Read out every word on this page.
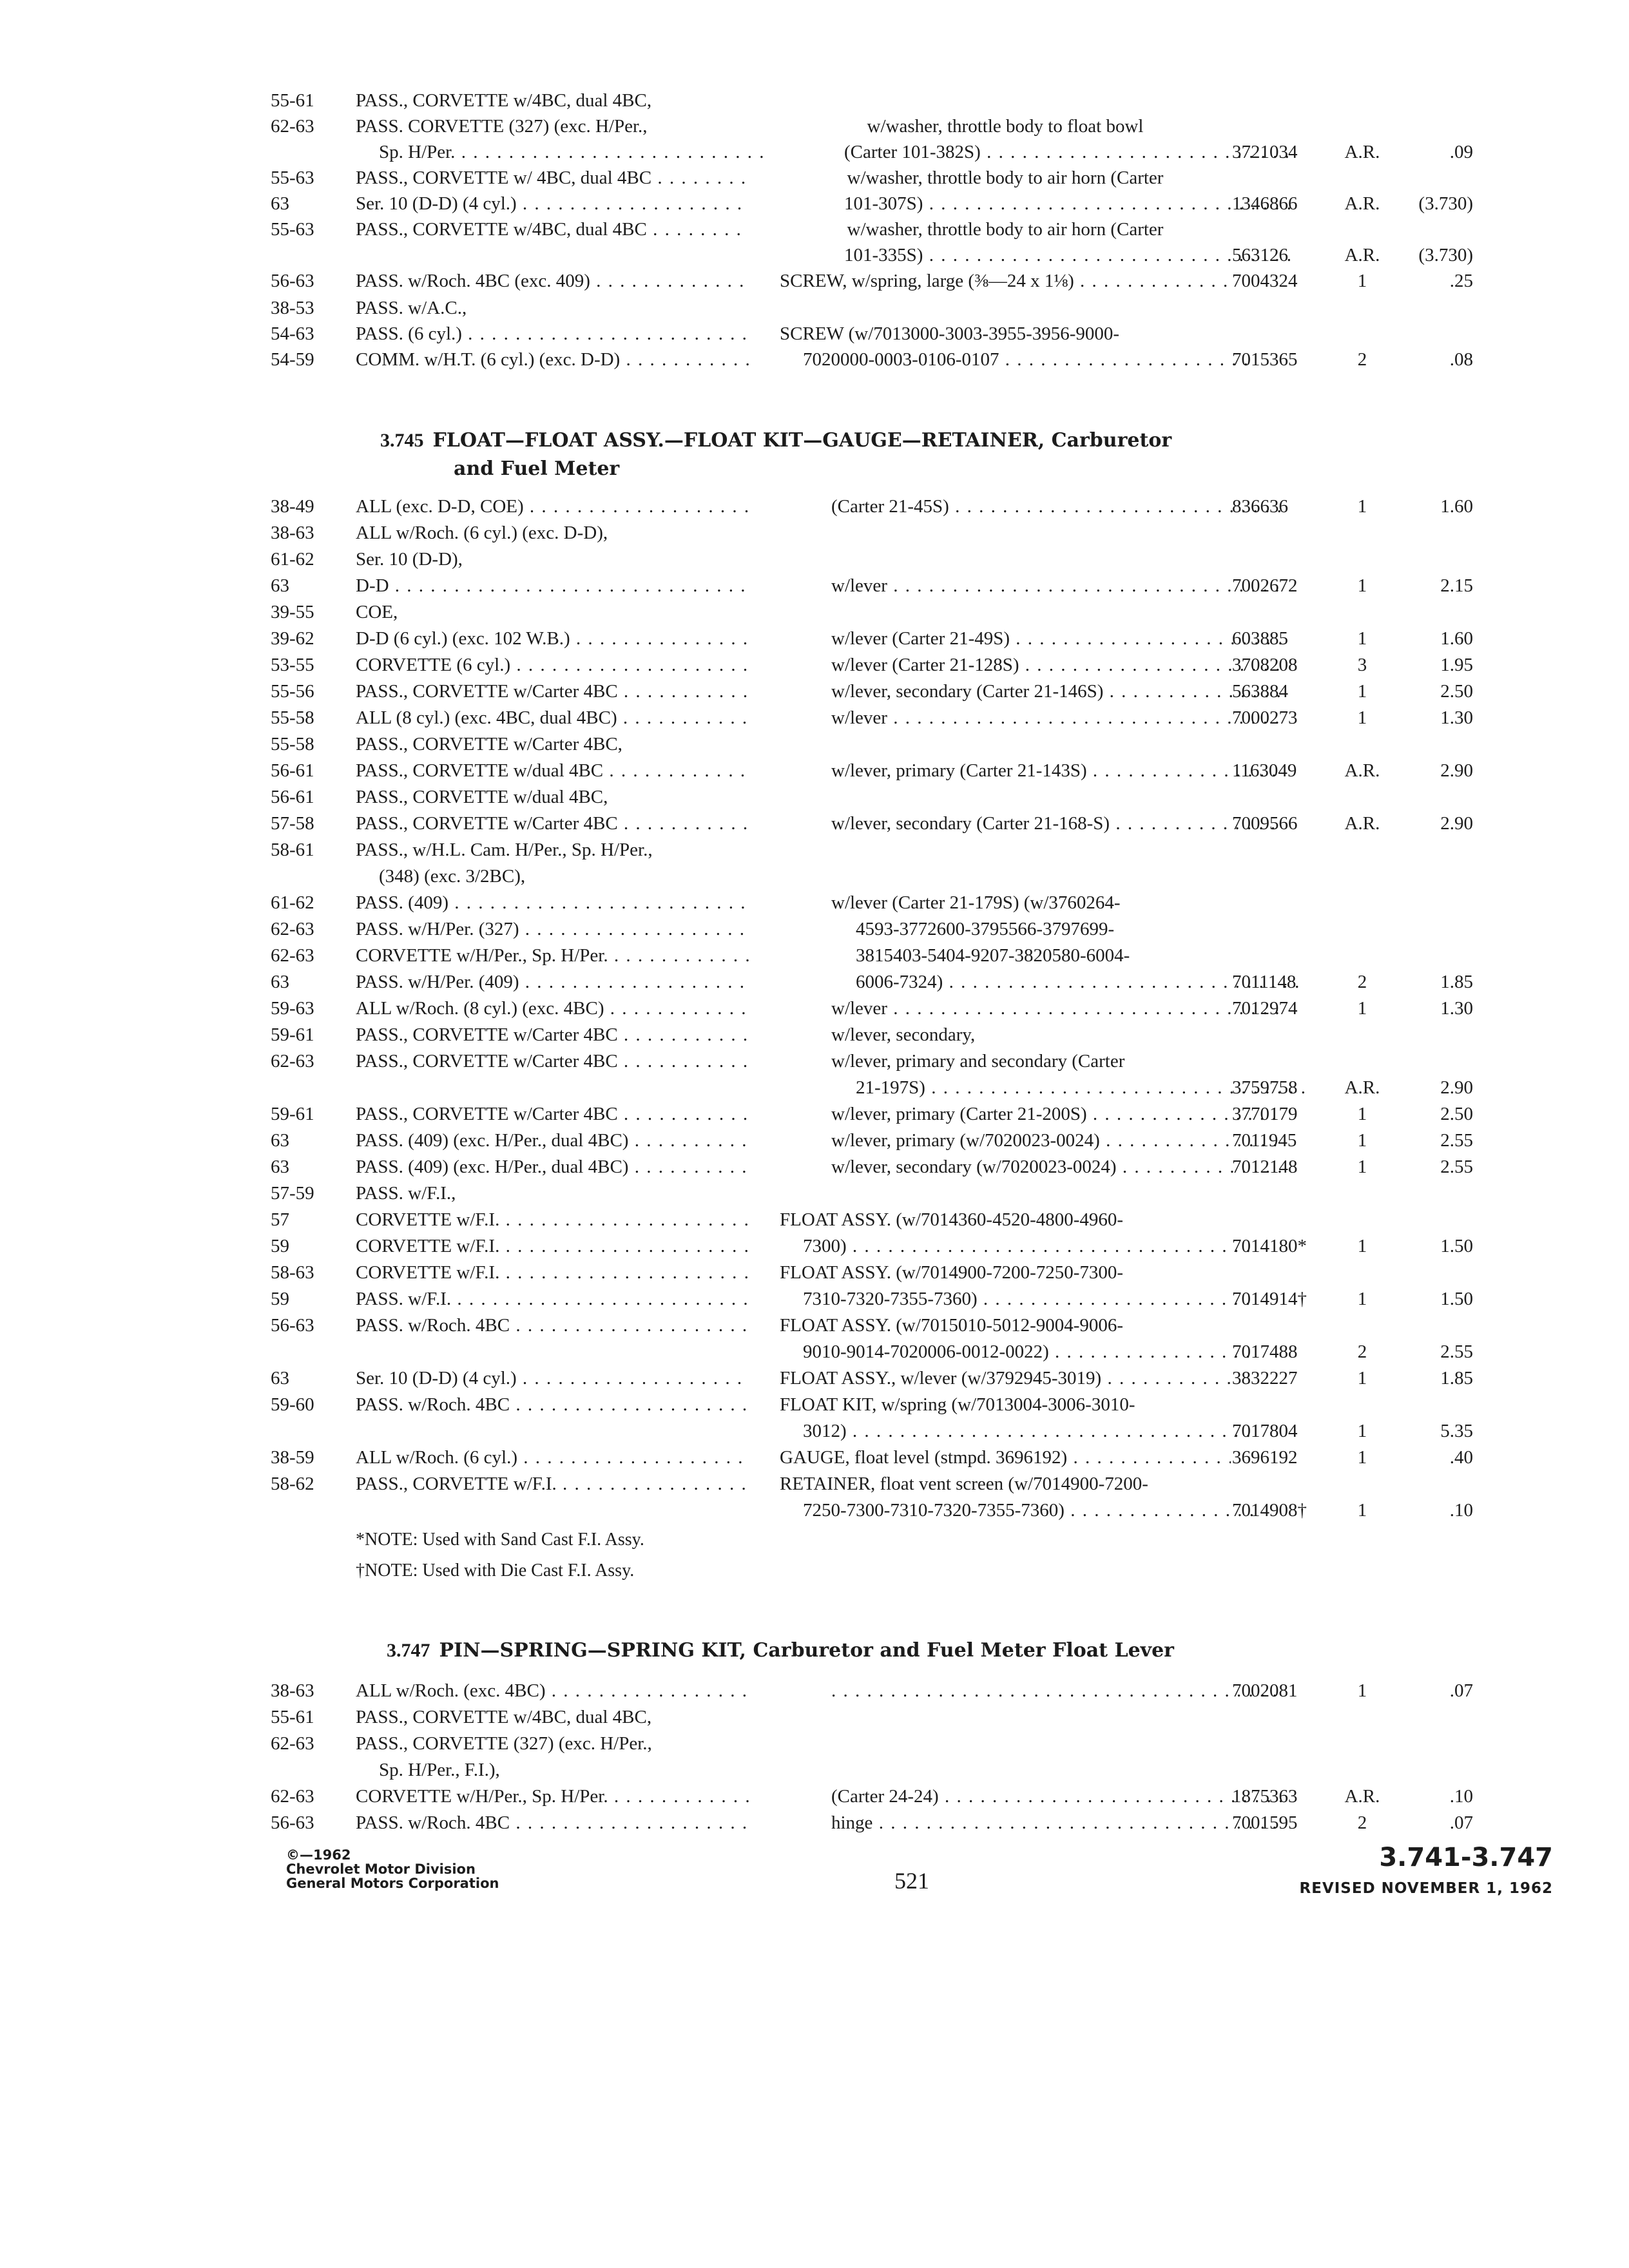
55-61 PASS., CORVETTE w/4BC, dual 4BC,
62-63 PASS. CORVETTE (327) (exc. H/Per.,	w/washer, throttle body to float bowl
Sp. H/Per. . . .	(Carter 101-382S) . . .	3721034	A.R.	.09
55-63 PASS., CORVETTE w/ 4BC, dual 4BC . . .	w/washer, throttle body to air horn (Carter
63	Ser. 10 (D-D) (4 cyl.) . . .	101-307S) . . .	1346866	A.R.	(3.730)
55-63 PASS., CORVETTE w/4BC, dual 4BC . . .	w/washer, throttle body to air horn (Carter
101-335S) . . .	563126	A.R.	(3.730)
56-63 PASS. w/Roch. 4BC (exc. 409) . . .	SCREW, w/spring, large (⅜—24 x 1⅛) . . .	7004324	1	.25
38-53 PASS. w/A.C.,
54-63 PASS. (6 cyl.) . . .	SCREW (w/7013000-3003-3955-3956-9000-
54-59 COMM. w/H.T. (6 cyl.) (exc. D-D) . . .	7020000-0003-0106-0107 . . .	7015365	2	.08
3.745 FLOAT—FLOAT ASSY.—FLOAT KIT—GAUGE—RETAINER, Carburetor
and Fuel Meter
38-49 ALL (exc. D-D, COE) . . .	(Carter 21-45S) . . .	836636	1	1.60
38-63 ALL w/Roch. (6 cyl.) (exc. D-D),
61-62 Ser. 10 (D-D),
63	D-D . . .	w/lever . . .	7002672	1	2.15
39-55 COE,
39-62 D-D (6 cyl.) (exc. 102 W.B.) . . .	w/lever (Carter 21-49S) . . .	603885	1	1.60
53-55 CORVETTE (6 cyl.) . . .	w/lever (Carter 21-128S) . . .	3708208	3	1.95
55-56 PASS., CORVETTE w/Carter 4BC . . .	w/lever, secondary (Carter 21-146S) . . .	563884	1	2.50
55-58 ALL (8 cyl.) (exc. 4BC, dual 4BC) . . .	w/lever . . .	7000273	1	1.30
55-58 PASS., CORVETTE w/Carter 4BC,
56-61 PASS., CORVETTE w/dual 4BC . . .	w/lever, primary (Carter 21-143S) . . .	1163049	A.R.	2.90
56-61 PASS., CORVETTE w/dual 4BC,
57-58 PASS., CORVETTE w/Carter 4BC . . .	w/lever, secondary (Carter 21-168-S) . . .	7009566	A.R.	2.90
58-61 PASS., w/H.L. Cam. H/Per., Sp. H/Per.,
(348) (exc. 3/2BC),
61-62 PASS. (409) . . .	w/lever (Carter 21-179S) (w/3760264-
62-63 PASS. w/H/Per. (327) . . .	4593-3772600-3795566-3797699-
62-63 CORVETTE w/H/Per., Sp. H/Per. . . .	3815403-5404-9207-3820580-6004-
63	PASS. w/H/Per. (409) . . .	6006-7324) . . .	7011148	2	1.85
59-63 ALL w/Roch. (8 cyl.) (exc. 4BC) . . .	w/lever . . .	7012974	1	1.30
59-61 PASS., CORVETTE w/Carter 4BC . . .	w/lever, secondary,
62-63 PASS., CORVETTE w/Carter 4BC . . .	w/lever, primary and secondary (Carter
21-197S) . . .	3759758	A.R.	2.90
59-61 PASS., CORVETTE w/Carter 4BC . . .	w/lever, primary (Carter 21-200S) . . .	3770179	1	2.50
63	PASS. (409) (exc. H/Per., dual 4BC) . . .	w/lever, primary (w/7020023-0024) . . .	7011945	1	2.55
63	PASS. (409) (exc. H/Per., dual 4BC) . . .	w/lever, secondary (w/7020023-0024) . . .	7012148	1	2.55
57-59 PASS. w/F.I.,
57	CORVETTE w/F.I. . . .	FLOAT ASSY. (w/7014360-4520-4800-4960-
59	CORVETTE w/F.I. . . .	7300) . . .	7014180*	1	1.50
58-63 CORVETTE w/F.I. . . .	FLOAT ASSY. (w/7014900-7200-7250-7300-
59	PASS. w/F.I. . . .	7310-7320-7355-7360) . . .	7014914†	1	1.50
56-63 PASS. w/Roch. 4BC . . .	FLOAT ASSY. (w/7015010-5012-9004-9006-
9010-9014-7020006-0012-0022) . . .	7017488	2	2.55
63	Ser. 10 (D-D) (4 cyl.) . . .	FLOAT ASSY., w/lever (w/3792945-3019) . . .	3832227	1	1.85
59-60 PASS. w/Roch. 4BC . . .	FLOAT KIT, w/spring (w/7013004-3006-3010-
3012) . . .	7017804	1	5.35
38-59 ALL w/Roch. (6 cyl.) . . .	GAUGE, float level (stmpd. 3696192) . . .	3696192	1	.40
58-62 PASS., CORVETTE w/F.I. . . .	RETAINER, float vent screen (w/7014900-7200-
7250-7300-7310-7320-7355-7360) . . .	7014908†	1	.10
*NOTE: Used with Sand Cast F.I. Assy.
†NOTE: Used with Die Cast F.I. Assy.
3.747 PIN—SPRING—SPRING KIT, Carburetor and Fuel Meter Float Lever
38-63 ALL w/Roch. (exc. 4BC) . . . . . .	7002081	1	.07
55-61 PASS., CORVETTE w/4BC, dual 4BC,
62-63 PASS., CORVETTE (327) (exc. H/Per.,
Sp. H/Per., F.I.),
62-63 CORVETTE w/H/Per., Sp. H/Per. . . .	(Carter 24-24) . . .	1875363	A.R.	.10
56-63 PASS. w/Roch. 4BC . . .	hinge . . .	7001595	2	.07
©—1962
Chevrolet Motor Division
General Motors Corporation	521
3.741-3.747
REVISED NOVEMBER 1, 1962
